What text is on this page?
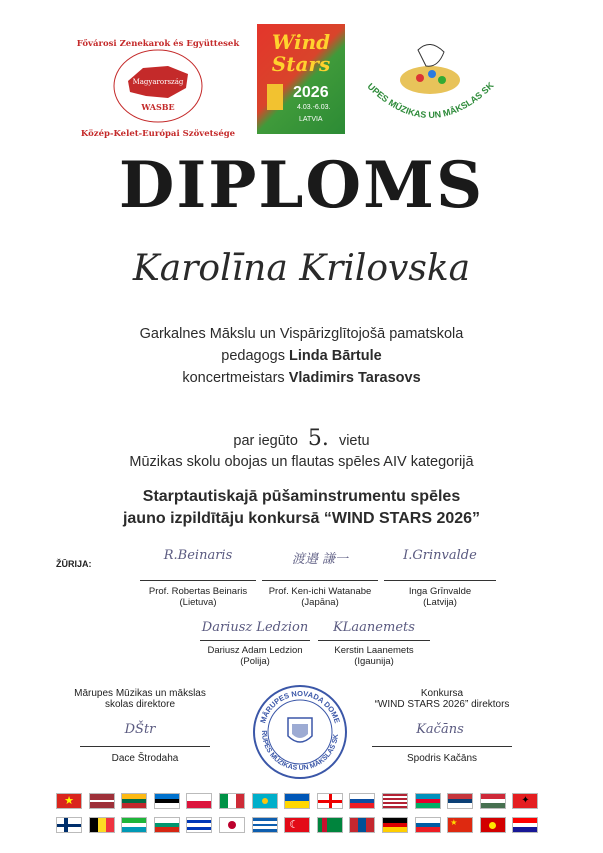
Magyarország
WASBE
Fővárosi Zenekarok és Együttesek
Közép-Kelet-Európai Szövetsége
Wind
Stars
2026
4.03.-6.03.
LATVIA
UPES MŪZIKAS UN MĀKSLAS SK
DIPLOMS
Karolīna Krilovska
Garkalnes Mākslu un Vispārizglītojošā pamatskola
pedagogs Linda Bārtule
koncertmeistars Vladimirs Tarasovs
par iegūto 5. vietu
Mūzikas skolu obojas un flautas spēles AIV kategorijā
Starptautiskajā pūšaminstrumentu spēles
jauno izpildītāju konkursā “WIND STARS 2026”
ŽŪRIJA:
R.Beinaris
Prof. Robertas Beinaris
(Lietuva)
渡邉 謙一
Prof. Ken-ichi Watanabe
(Japāna)
I.Grinvalde
Inga Grīnvalde
(Latvija)
Dariusz Ledzion
Dariusz Adam Ledzion
(Polija)
KLaanemets
Kerstin Laanemets
(Igaunija)
Mārupes Mūzikas un mākslas
skolas direktore
DŠtr
Dace Štrodaha
MĀRUPES NOVADA DOME
RUPES MŪZIKAS UN MĀKSLAS SK
Konkursa
“WIND STARS 2026” direktors
Kačāns
Spodris Kačāns
★	✦
☾	★
